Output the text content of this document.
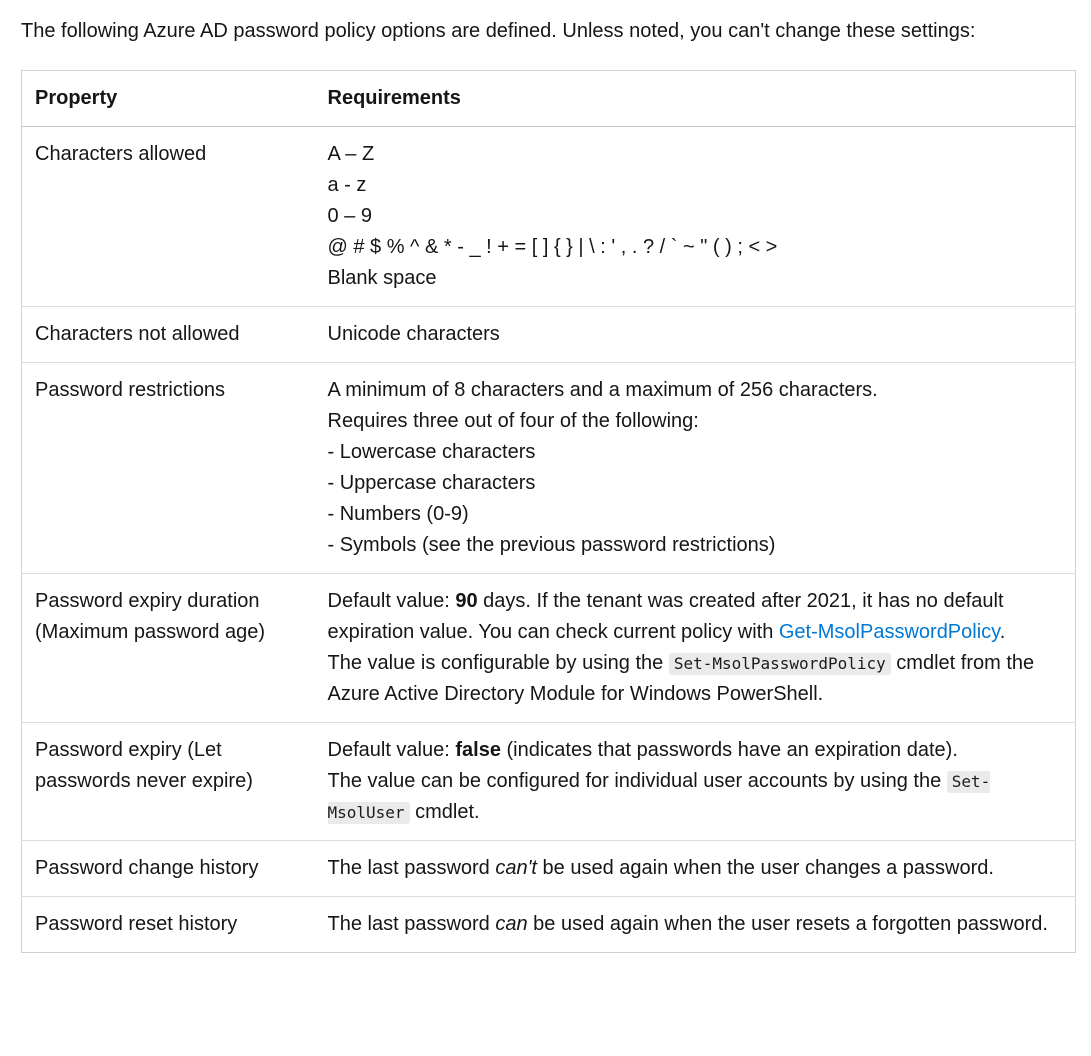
The following Azure AD password policy options are defined. Unless noted, you can't change these settings:

Property	Requirements
Characters allowed	A – Z
a - z
0 – 9
@ # $ % ^ & * - _ ! + = [ ] { } | \ : ' , . ? / ` ~ " ( ) ; < >
Blank space

Characters not allowed	Unicode characters

Password restrictions	A minimum of 8 characters and a maximum of 256 characters.
Requires three out of four of the following:
- Lowercase characters
- Uppercase characters
- Numbers (0-9)
- Symbols (see the previous password restrictions)

Password expiry duration (Maximum password age)	Default value: 90 days. If the tenant was created after 2021, it has no default expiration value. You can check current policy with Get-MsolPasswordPolicy.
The value is configurable by using the Set-MsolPasswordPolicy cmdlet from the Azure Active Directory Module for Windows PowerShell.

Password expiry (Let passwords never expire)	Default value: false (indicates that passwords have an expiration date).
The value can be configured for individual user accounts by using the Set-MsolUser cmdlet.

Password change history	The last password can't be used again when the user changes a password.

Password reset history	The last password can be used again when the user resets a forgotten password.
